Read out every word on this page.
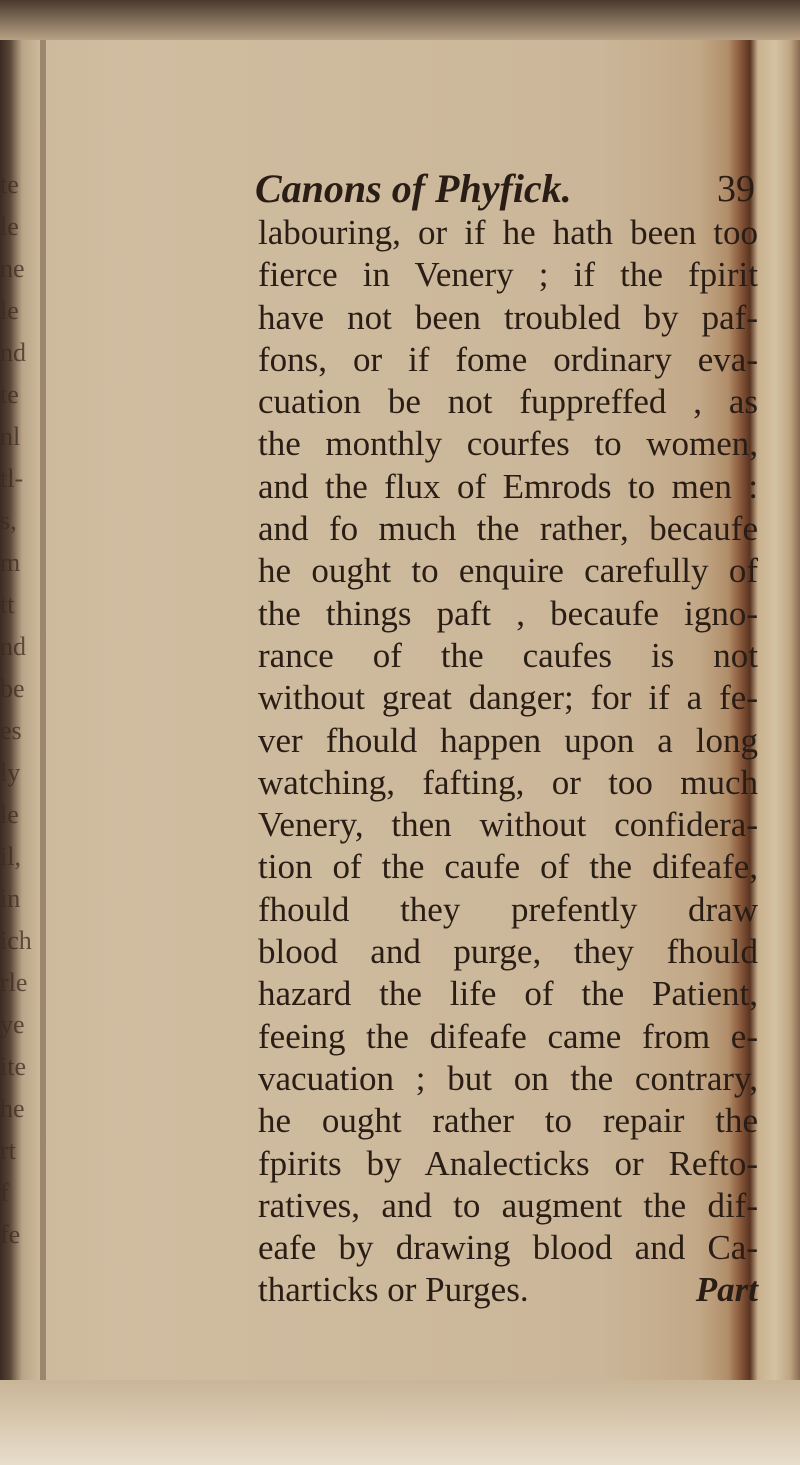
te
le
ne
le
nd
te
nl
tl-
s,
m
tt
nd
be
es
ly
le
il,
in
ich
rle
ye
ite
he
rt
f
fe
Canons of Phyfick.	39
labouring, or if he hath been too
fierce in Venery ; if the fpirit
have not been troubled by paf-
fons, or if fome ordinary eva-
cuation be not fuppreffed , as
the monthly courfes to women,
and the flux of Emrods to men :
and fo much the rather, becaufe
he ought to enquire carefully of
the things paft , becaufe igno-
rance of the caufes is not
without great danger; for if a fe-
ver fhould happen upon a long
watching, fafting, or too much
Venery, then without confidera-
tion of the caufe of the difeafe,
fhould they prefently draw
blood and purge, they fhould
hazard the life of the Patient,
feeing the difeafe came from e-
vacuation ; but on the contrary,
he ought rather to repair the
fpirits by Analecticks or Refto-
ratives, and to augment the dif-
eafe by drawing blood and Ca-
tharticks or Purges.	Part
